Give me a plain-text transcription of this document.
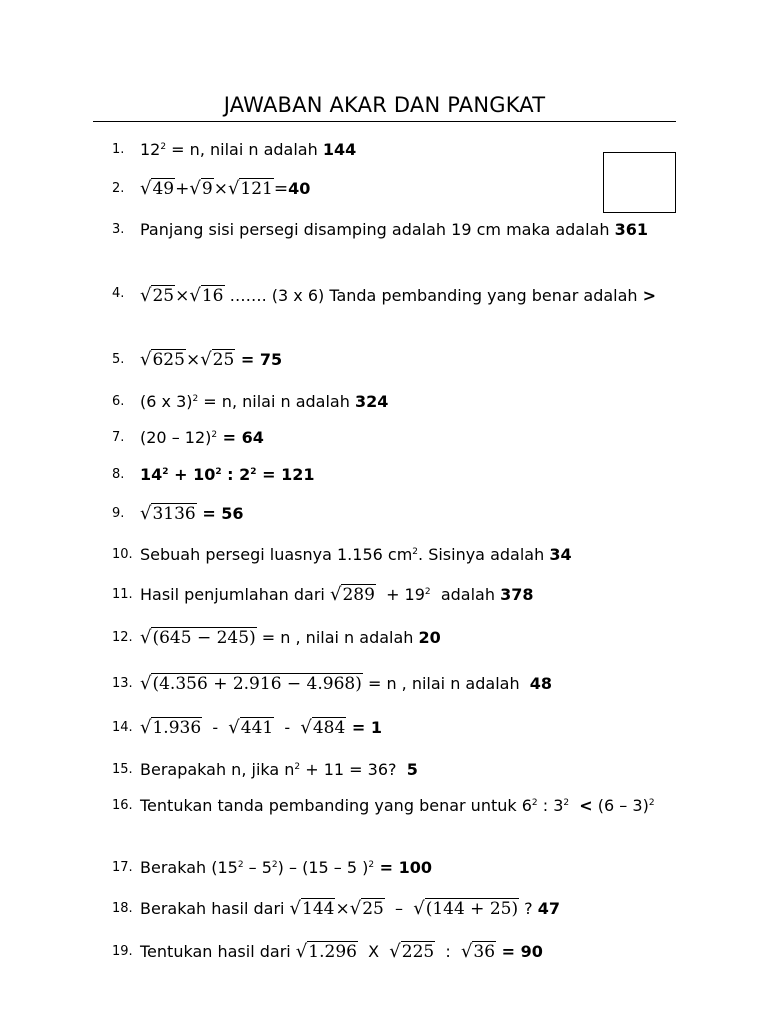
JAWABAN AKAR DAN PANGKAT
1. $12^2 = n$, nilai n adalah 144
2. √49+√9×√121=40
3. Panjang sisi persegi disamping adalah 19 cm maka adalah 361
4. √25×√16 ……. (3 x 6) Tanda pembanding yang benar adalah >
5. √625×√25 = 75
6. (6 x 3)$^2$ = n, nilai n adalah 324
7. (20 – 12)$^2$ = 64
8. $14^2 + 10^2$ : $2^2 = 121$
9. √3136 = 56
10. Sebuah persegi luasnya 1.156 $cm^2$. Sisinya adalah 34
11. Hasil penjumlahan dari $√289 + 19^2$  adalah 378
12. √(645 − 245) = n , nilai n adalah 20
13. √(4.356 + 2.916 − 4.968) = n , nilai n adalah  48
14. √1.936  -  √441  -  √484 = 1
15. Berapakah n, jika $n^2 + 11 = 36$?  5
16. Tentukan tanda pembanding yang benar untuk $6^2$ : $3^2 < (6 - 3)^2$
17. Berakah $(15^2 - 5^2) - (15 - 5$ )$^2$ = 100
18. Berakah hasil dari √144×√25  –  √(144 + 25) ? 47
19. Tentukan hasil dari √1.296  X  √225  :  √36 = 90
